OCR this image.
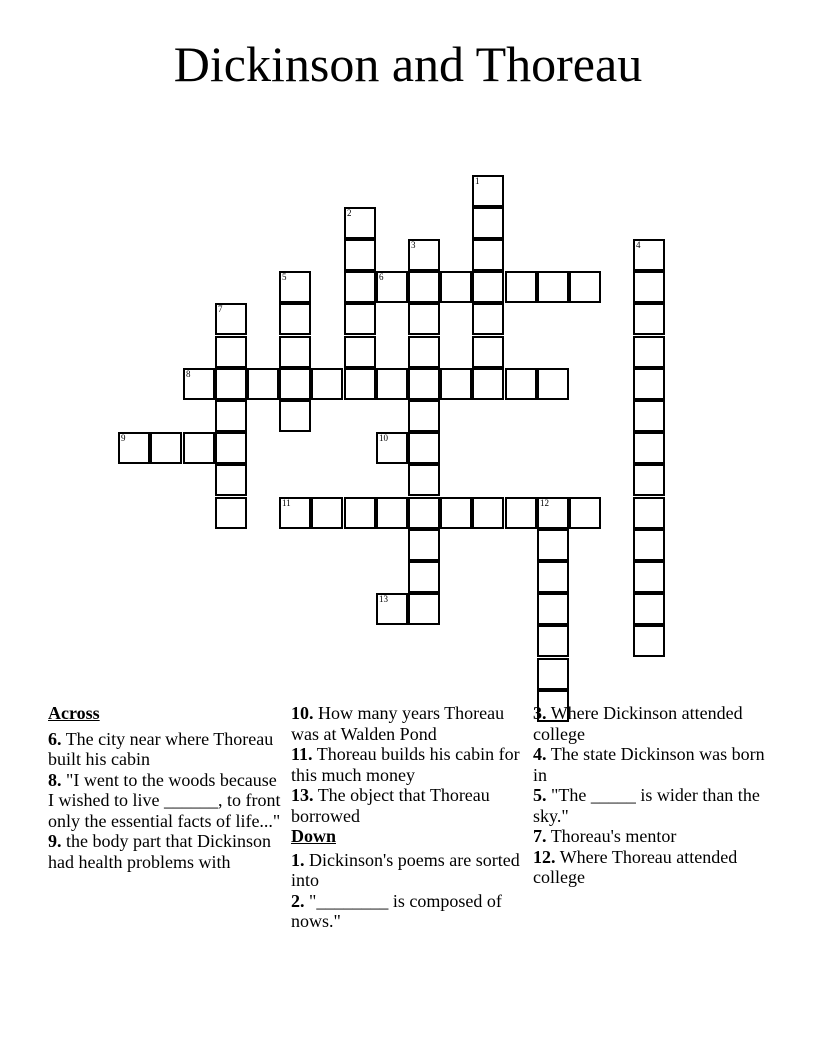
Dickinson and Thoreau
1
2
3	4
5	6
7
8
9	10
11	12
13
Across
6. The city near where Thoreau built his cabin
8. "I went to the woods because I wished to live ______, to front only the essential facts of life..."
9. the body part that Dickinson had health problems with
10. How many years Thoreau was at Walden Pond
11. Thoreau builds his cabin for this much money
13. The object that Thoreau borrowed
Down
1. Dickinson's poems are sorted into
2. "________ is composed of nows."
3. Where Dickinson attended college
4. The state Dickinson was born in
5. "The _____ is wider than the sky."
7. Thoreau's mentor
12. Where Thoreau attended college
